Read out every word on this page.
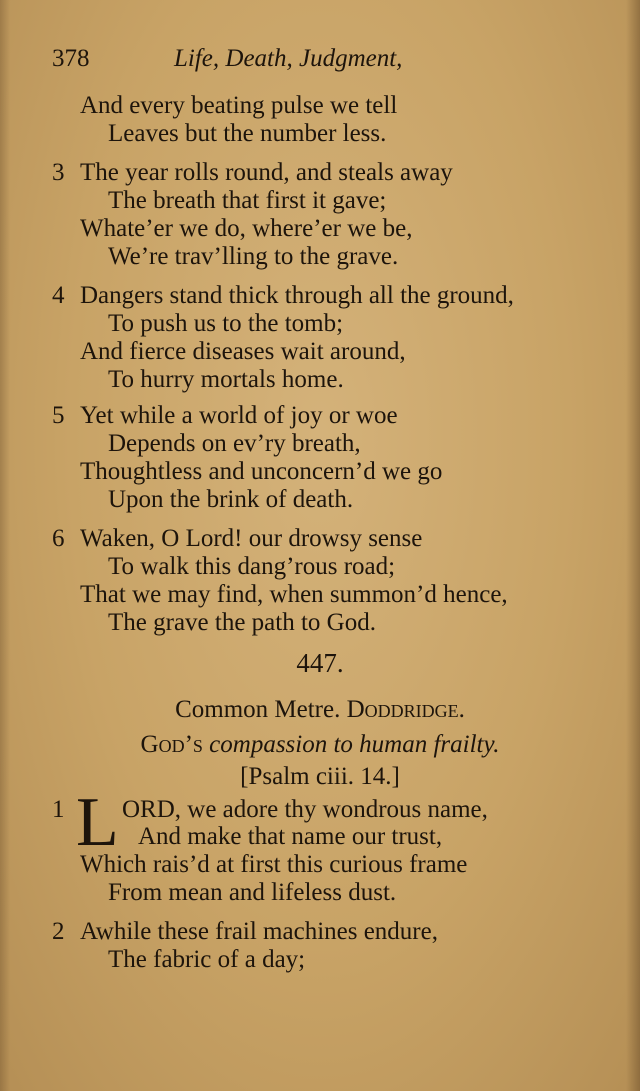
378	Life, Death, Judgment,
And every beating pulse we tell
Leaves but the number less.
3 The year rolls round, and steals away
The breath that first it gave;
Whate’er we do, where’er we be,
We’re trav’lling to the grave.
4 Dangers stand thick through all the ground,
To push us to the tomb;
And fierce diseases wait around,
To hurry mortals home.
5 Yet while a world of joy or woe
Depends on ev’ry breath,
Thoughtless and unconcern’d we go
Upon the brink of death.
6 Waken, O Lord! our drowsy sense
To walk this dang’rous road;
That we may find, when summon’d hence,
The grave the path to God.
447.
Common Metre. Doddridge.
God’s compassion to human frailty.
[Psalm ciii. 14.]
1 L ORD, we adore thy wondrous name,
And make that name our trust,
Which rais’d at first this curious frame
From mean and lifeless dust.
2 Awhile these frail machines endure,
The fabric of a day;
